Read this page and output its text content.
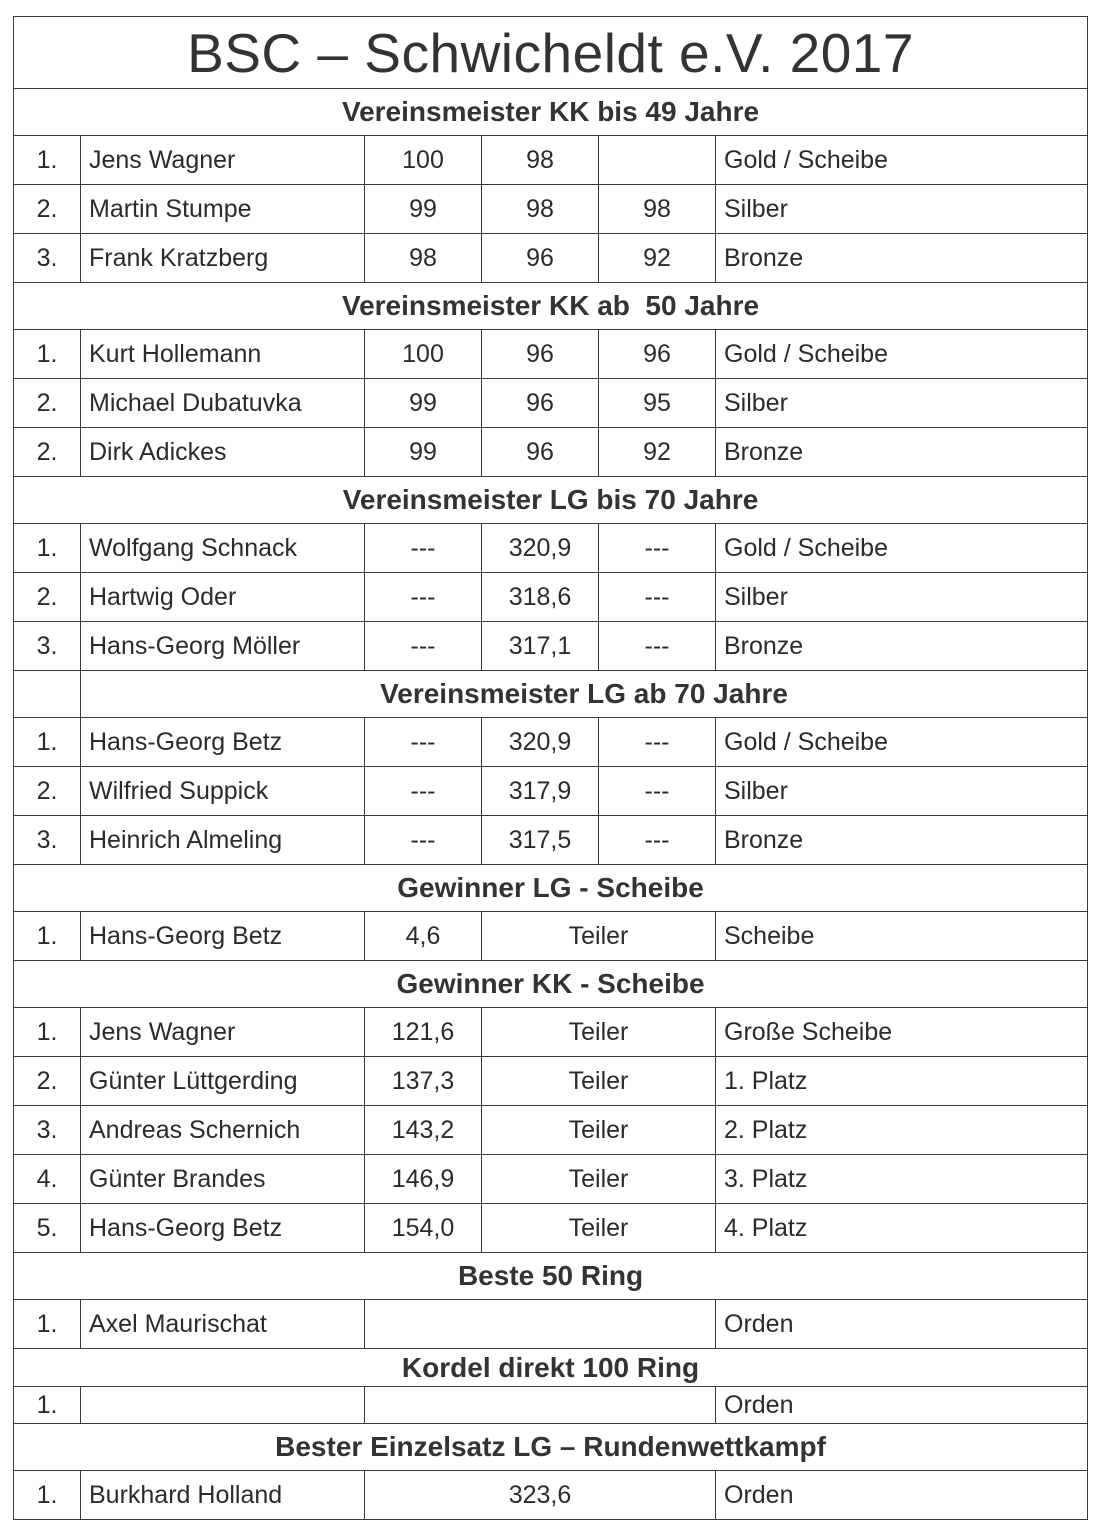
BSC – Schwicheldt e.V. 2017					
Vereinsmeister KK bis 49 Jahre					
1.	Jens Wagner	100	98		Gold / Scheibe
2.	Martin Stumpe	99	98	98	Silber
3.	Frank Kratzberg	98	96	92	Bronze
Vereinsmeister KK ab  50 Jahre					
1.	Kurt Hollemann	100	96	96	Gold / Scheibe
2.	Michael Dubatuvka	99	96	95	Silber
2.	Dirk Adickes	99	96	92	Bronze
Vereinsmeister LG bis 70 Jahre					
1.	Wolfgang Schnack	---	320,9	---	Gold / Scheibe
2.	Hartwig Oder	---	318,6	---	Silber
3.	Hans-Georg Möller	---	317,1	---	Bronze
	Vereinsmeister LG ab 70 Jahre				
1.	Hans-Georg Betz	---	320,9	---	Gold / Scheibe
2.	Wilfried Suppick	---	317,9	---	Silber
3.	Heinrich Almeling	---	317,5	---	Bronze
Gewinner LG - Scheibe					
1.	Hans-Georg Betz	4,6	Teiler		Scheibe
Gewinner KK - Scheibe					
1.	Jens Wagner	121,6	Teiler		Große Scheibe
2.	Günter Lüttgerding	137,3	Teiler		1. Platz
3.	Andreas Schernich	143,2	Teiler		2. Platz
4.	Günter Brandes	146,9	Teiler		3. Platz
5.	Hans-Georg Betz	154,0	Teiler		4. Platz
Beste 50 Ring					
1.	Axel Maurischat				Orden
Kordel direkt 100 Ring					
1.					Orden
Bester Einzelsatz LG – Rundenwettkampf					
1.	Burkhard Holland	323,6			Orden
